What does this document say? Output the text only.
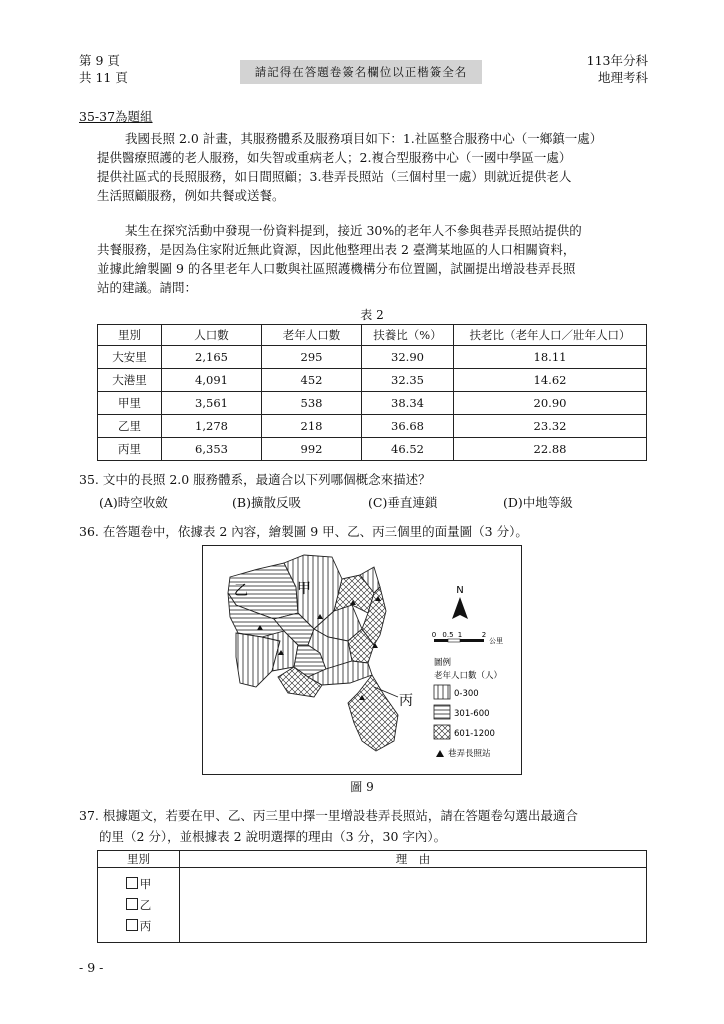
第 9 頁
共 11 頁	請記得在答題卷簽名欄位以正楷簽全名
113年分科
地理考科
35-37為題組
我國長照 2.0 計畫，其服務體系及服務項目如下：1.社區整合服務中心（一鄉鎮一處）
提供醫療照護的老人服務，如失智或重病老人；2.複合型服務中心（一國中學區一處）
提供社區式的長照服務，如日間照顧；3.巷弄長照站（三個村里一處）則就近提供老人
生活照顧服務，例如共餐或送餐。
某生在探究活動中發現一份資料提到，接近 30%的老年人不參與巷弄長照站提供的
共餐服務，是因為住家附近無此資源，因此他整理出表 2 臺灣某地區的人口相關資料，
並據此繪製圖 9 的各里老年人口數與社區照護機構分布位置圖，試圖提出增設巷弄長照
站的建議。請問：
表 2
里別	人口數	老年人口數	扶養比（%）	扶老比（老年人口／壯年人口）
大安里	2,165	295	32.90	18.11
大港里	4,091	452	32.35	14.62
甲里	3,561	538	38.34	20.90
乙里	1,278	218	36.68	23.32
丙里	6,353	992	46.52	22.88
35. 文中的長照 2.0 服務體系，最適合以下列哪個概念來描述？
(A)時空收斂	(B)擴散反吸	(C)垂直連鎖	(D)中地等級
36. 在答題卷中，依據表 2 內容，繪製圖 9 甲、乙、丙三個里的面量圖（3 分）。
乙	甲
丙
N
0 0.5 1	2
公里
圖例
老年人口數（人）
0-300
301-600
601-1200
巷弄長照站
圖 9
37. 根據題文，若要在甲、乙、丙三里中擇一里增設巷弄長照站，請在答題卷勾選出最適合
的里（2 分），並根據表 2 說明選擇的理由（3 分，30 字內）。
里別	理　由

甲
乙
丙	

- 9 -
